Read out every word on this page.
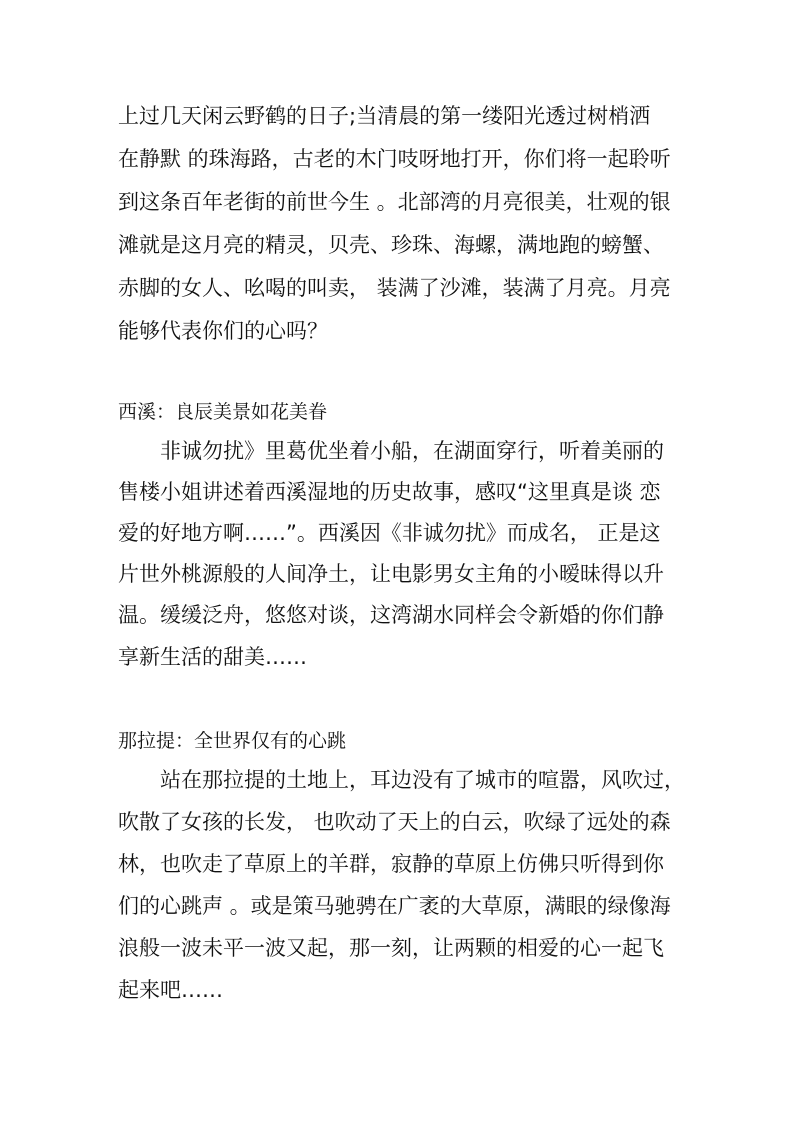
上过几天闲云野鹤的日子;当清晨的第一缕阳光透过树梢洒
在静默 的珠海路，古老的木门吱呀地打开，你们将一起聆听
到这条百年老街的前世今生 。北部湾的月亮很美，壮观的银
滩就是这月亮的精灵，贝壳、珍珠、海螺，满地跑的螃蟹、
赤脚的女人、吆喝的叫卖， 装满了沙滩，装满了月亮。月亮
能够代表你们的心吗？
西溪：良辰美景如花美眷
非诚勿扰》里葛优坐着小船，在湖面穿行，听着美丽的
售楼小姐讲述着西溪湿地的历史故事，感叹“这里真是谈 恋
爱的好地方啊……”。西溪因《非诚勿扰》而成名， 正是这
片世外桃源般的人间净土，让电影男女主角的小暧昧得以升
温。缓缓泛舟，悠悠对谈，这湾湖水同样会令新婚的你们静
享新生活的甜美……
那拉提：全世界仅有的心跳
站在那拉提的土地上，耳边没有了城市的喧嚣，风吹过，
吹散了女孩的长发， 也吹动了天上的白云，吹绿了远处的森
林，也吹走了草原上的羊群，寂静的草原上仿佛只听得到你
们的心跳声 。或是策马驰骋在广袤的大草原，满眼的绿像海
浪般一波未平一波又起，那一刻，让两颗的相爱的心一起飞
起来吧……
